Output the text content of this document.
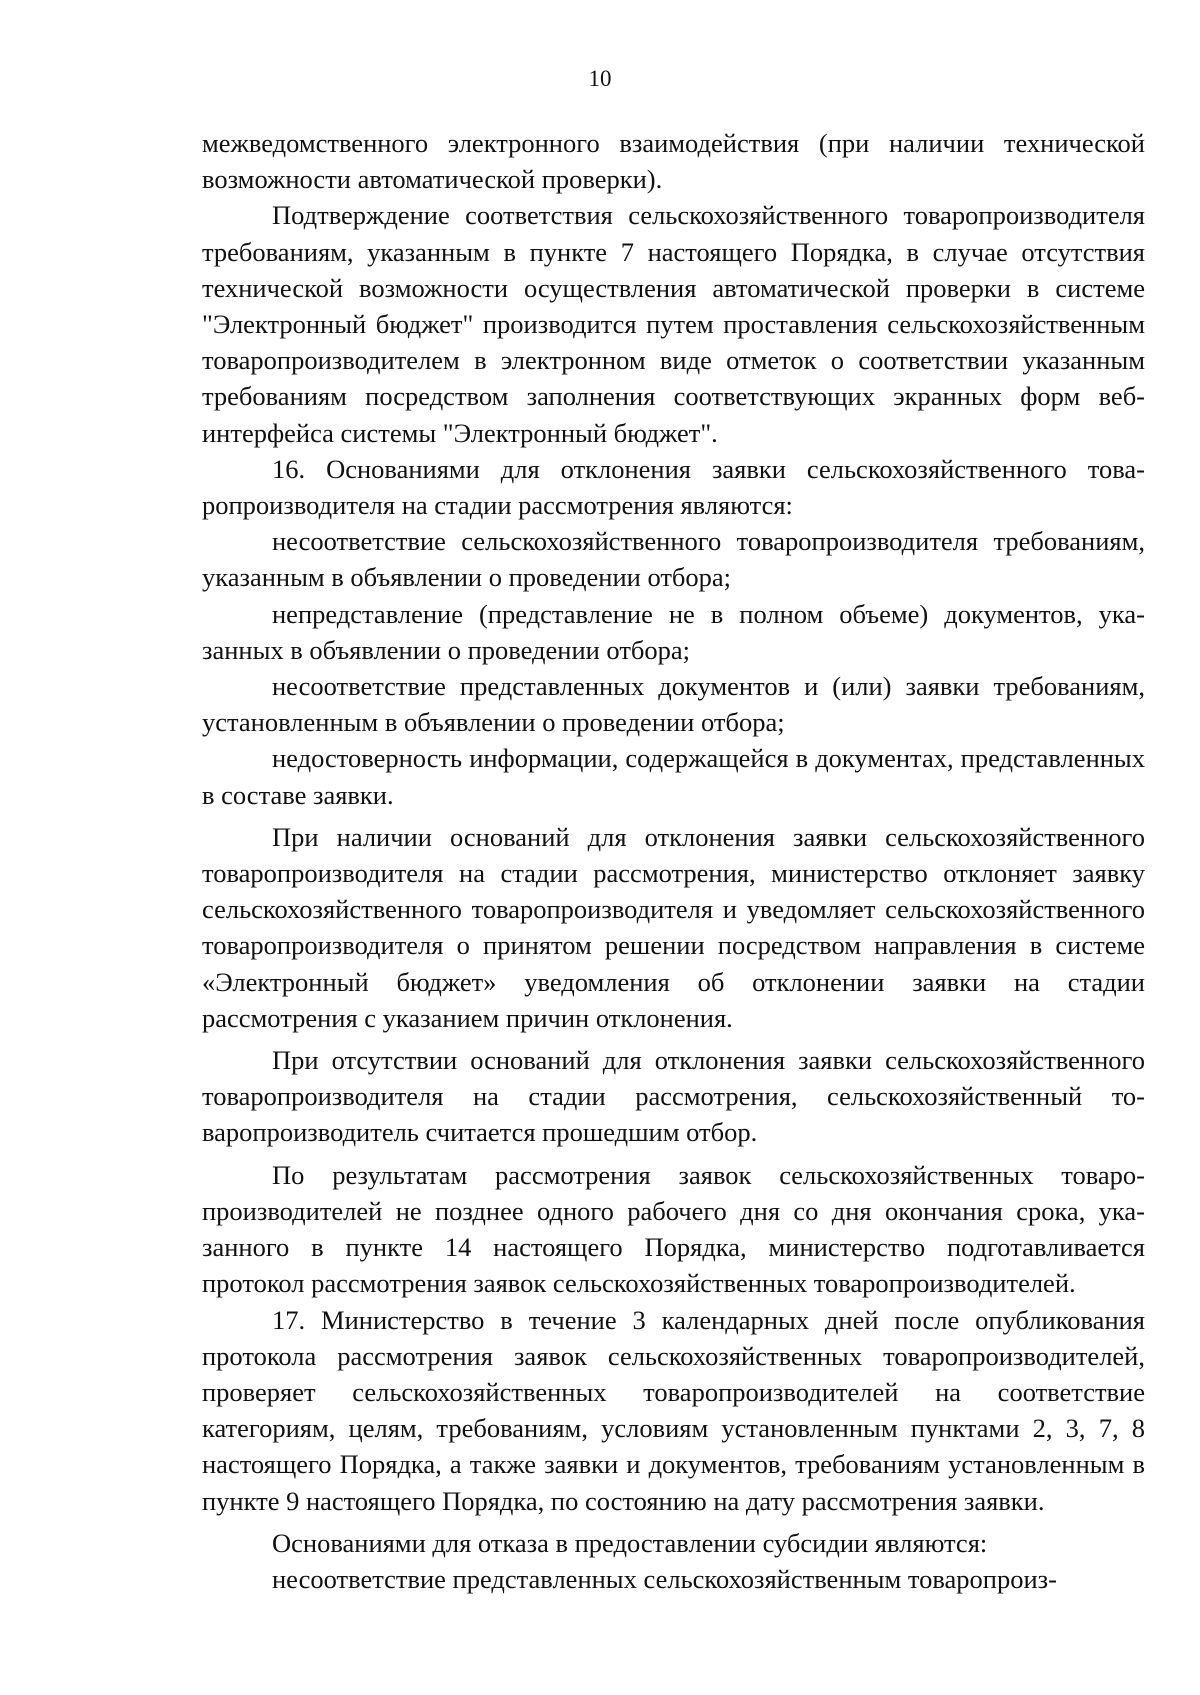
10

межведомственного электронного взаимодействия (при наличии технической возможности автоматической проверки).

Подтверждение соответствия сельскохозяйственного товаропроизводителя требованиям, указанным в пункте 7 настоящего Порядка, в случае отсутствия технической возможности осуществления автоматической проверки в системе "Электронный бюджет" производится путем проставления сельскохозяйственным товаропроизводителем в электронном виде отметок о соответствии указанным требованиям посредством заполнения соответствующих экранных форм веб-интерфейса системы "Электронный бюджет".

16. Основаниями для отклонения заявки сельскохозяйственного товаропроизводителя на стадии рассмотрения являются:

несоответствие сельскохозяйственного товаропроизводителя требованиям, указанным в объявлении о проведении отбора;

непредставление (представление не в полном объеме) документов, указанных в объявлении о проведении отбора;

несоответствие представленных документов и (или) заявки требованиям, установленным в объявлении о проведении отбора;

недостоверность информации, содержащейся в документах, представленных в составе заявки.

При наличии оснований для отклонения заявки сельскохозяйственного товаропроизводителя на стадии рассмотрения, министерство отклоняет заявку сельскохозяйственного товаропроизводителя и уведомляет сельскохозяйственного товаропроизводителя о принятом решении посредством направления в системе «Электронный бюджет» уведомления об отклонении заявки на стадии рассмотрения с указанием причин отклонения.

При отсутствии оснований для отклонения заявки сельскохозяйственного товаропроизводителя на стадии рассмотрения, сельскохозяйственный товаропроизводитель считается прошедшим отбор.

По результатам рассмотрения заявок сельскохозяйственных товаропроизводителей не позднее одного рабочего дня со дня окончания срока, указанного в пункте 14 настоящего Порядка, министерство подготавливается протокол рассмотрения заявок сельскохозяйственных товаропроизводителей.

17. Министерство в течение 3 календарных дней после опубликования протокола рассмотрения заявок сельскохозяйственных товаропроизводителей, проверяет сельскохозяйственных товаропроизводителей на соответствие категориям, целям, требованиям, условиям установленным пунктами 2, 3, 7, 8 настоящего Порядка, а также заявки и документов, требованиям установленным в пункте 9 настоящего Порядка, по состоянию на дату рассмотрения заявки.

Основаниями для отказа в предоставлении субсидии являются:

несоответствие представленных сельскохозяйственным товаропроиз-
